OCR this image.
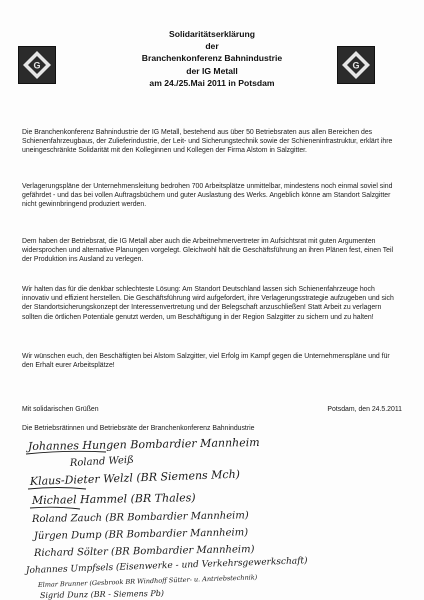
G	G
Solidaritätserklärung
der
Branchenkonferenz Bahnindustrie
der IG Metall
am 24./25.Mai 2011 in Potsdam
Die Branchenkonferenz Bahnindustrie der IG Metall, bestehend aus über 50 Betriebsraten aus allen Bereichen des Schienenfahrzeugbaus, der Zulieferindustrie, der Leit- und Sicherungstechnik sowie der Schieneninfrastruktur, erklärt ihre uneingeschränkte Solidarität mit den Kolleginnen und Kollegen der Firma Alstom in Salzgitter.
Verlagerungspläne der Unternehmensleitung bedrohen 700 Arbeitsplätze unmittelbar, mindestens noch einmal soviel sind gefährdet - und das bei vollen Auftragsbüchern und guter Auslastung des Werks. Angeblich könne am Standort Salzgitter nicht gewinnbringend produziert werden.
Dem haben der Betriebsrat, die IG Metall aber auch die Arbeitnehmervertreter im Aufsichtsrat mit guten Argumenten widersprochen und alternative Planungen vorgelegt. Gleichwohl hält die Geschäftsführung an ihren Plänen fest, einen Teil der Produktion ins Ausland zu verlegen.
Wir halten das für die denkbar schlechteste Lösung: Am Standort Deutschland lassen sich Schienenfahrzeuge hoch innovativ und effizient herstellen. Die Geschäftsführung wird aufgefordert, ihre Verlagerungsstrategie aufzugeben und sich der Standortsicherungskonzept der Interessenvertretung und der Belegschaft anzuschließen! Statt Arbeit zu verlagern sollten die örtlichen Potentiale genutzt werden, um Beschäftigung in der Region Salzgitter zu sichern und zu halten!
Wir wünschen euch, den Beschäftigten bei Alstom Salzgitter, viel Erfolg im Kampf gegen die Unternehmenspläne und für den Erhalt eurer Arbeitsplätze!
Mit solidarischen Grüßen	Potsdam, den 24.5.2011
Die Betriebsrätinnen und Betriebsräte der Branchenkonferenz Bahnindustrie
Johannes Hungen Bombardier Mannheim
Roland Weiß
Klaus-Dieter Welzl (BR Siemens Mch)
Michael Hammel (BR Thales)
Roland Zauch (BR Bombardier Mannheim)
Jürgen Dump (BR Bombardier Mannheim)
Richard Sölter (BR Bombardier Mannheim)
Johannes Umpfsels (Eisenwerke - und Verkehrsgewerkschaft)
Elmar Brunner (Gesbrook BR Windhoff Sütter- u. Antriebstechnik)
Sigrid Dunz (BR - Siemens Pb)
